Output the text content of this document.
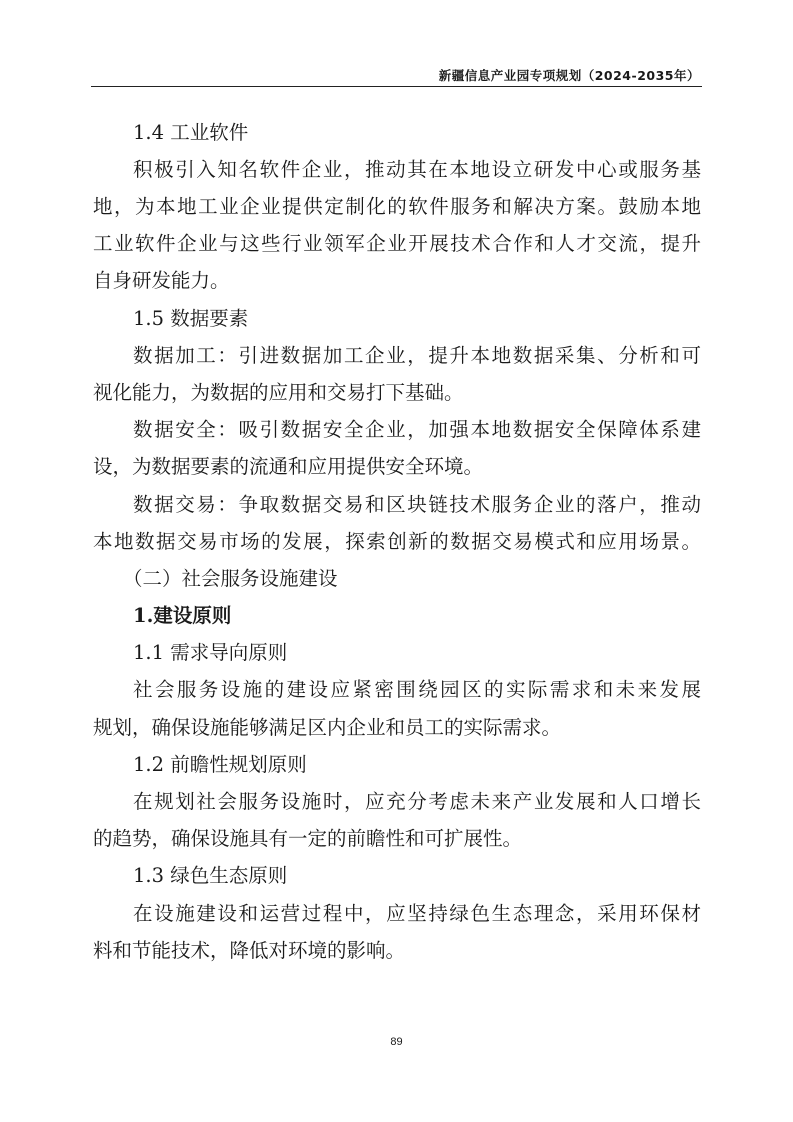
新疆信息产业园专项规划（2024-2035年）
1.4 工业软件
积极引入知名软件企业，推动其在本地设立研发中心或服务基
地，为本地工业企业提供定制化的软件服务和解决方案。鼓励本地
工业软件企业与这些行业领军企业开展技术合作和人才交流，提升
自身研发能力。
1.5 数据要素
数据加工：引进数据加工企业，提升本地数据采集、分析和可
视化能力，为数据的应用和交易打下基础。
数据安全：吸引数据安全企业，加强本地数据安全保障体系建
设，为数据要素的流通和应用提供安全环境。
数据交易：争取数据交易和区块链技术服务企业的落户，推动
本地数据交易市场的发展，探索创新的数据交易模式和应用场景。
（二）社会服务设施建设
1.建设原则
1.1 需求导向原则
社会服务设施的建设应紧密围绕园区的实际需求和未来发展
规划，确保设施能够满足区内企业和员工的实际需求。
1.2 前瞻性规划原则
在规划社会服务设施时，应充分考虑未来产业发展和人口增长
的趋势，确保设施具有一定的前瞻性和可扩展性。
1.3 绿色生态原则
在设施建设和运营过程中，应坚持绿色生态理念，采用环保材
料和节能技术，降低对环境的影响。
89
